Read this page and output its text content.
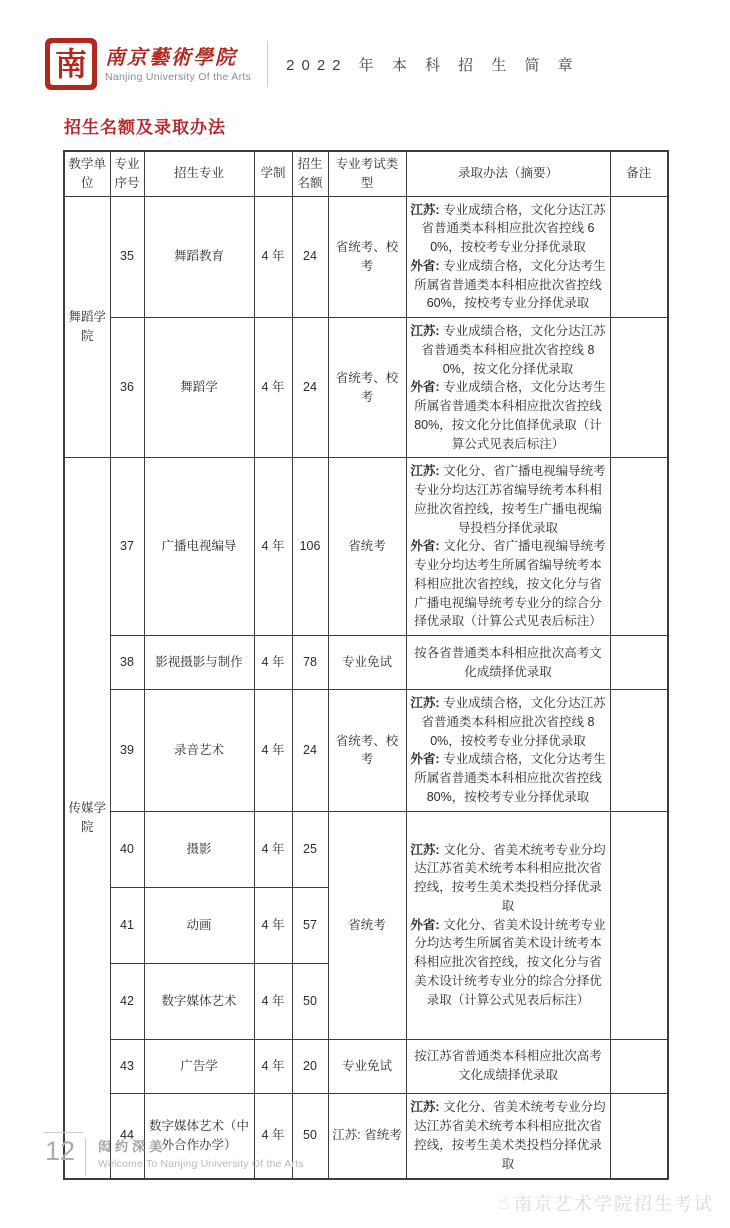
南 南京藝術學院
Nanjing University Of the Arts
2022 年 本 科 招 生 简 章
招生名额及录取办法
教学单位	专业序号	招生专业	学制	招生名额	专业考试类型	录取办法（摘要）	备注
舞蹈学院	35	舞蹈教育	4 年	24	省统考、校考	江苏: 专业成绩合格，文化分达江苏省普通类本科相应批次省控线 60%，按校考专业分择优录取
外省: 专业成绩合格，文化分达考生所属省普通类本科相应批次省控线 60%，按校考专业分择优录取	

	36	舞蹈学	4 年	24	省统考、校考	江苏: 专业成绩合格，文化分达江苏省普通类本科相应批次省控线 80%，按文化分择优录取
外省: 专业成绩合格，文化分达考生所属省普通类本科相应批次省控线 80%，按文化分比值择优录取（计算公式见表后标注）	

传媒学院	37	广播电视编导	4 年	106	省统考	江苏: 文化分、省广播电视编导统考专业分均达江苏省编导统考本科相应批次省控线，按考生广播电视编导投档分择优录取
外省: 文化分、省广播电视编导统考专业分均达考生所属省编导统考本科相应批次省控线，按文化分与省广播电视编导统考专业分的综合分择优录取（计算公式见表后标注）	

	38	影视摄影与制作	4 年	78	专业免试	按各省普通类本科相应批次高考文化成绩择优录取	

	39	录音艺术	4 年	24	省统考、校考	江苏: 专业成绩合格，文化分达江苏省普通类本科相应批次省控线 80%，按校考专业分择优录取
外省: 专业成绩合格，文化分达考生所属省普通类本科相应批次省控线 80%，按校考专业分择优录取	

	40	摄影	4 年	25	省统考	江苏: 文化分、省美术统考专业分均达江苏省美术统考本科相应批次省控线，按考生美术类投档分择优录取
外省: 文化分、省美术设计统考专业分均达考生所属省美术设计统考本科相应批次省控线，按文化分与省美术设计统考专业分的综合分择优录取（计算公式见表后标注）	

	41	动画	4 年	57			
	42	数字媒体艺术	4 年	50			
	43	广告学	4 年	20	专业免试	按江苏省普通类本科相应批次高考文化成绩择优录取	

	44	数字媒体艺术（中外合作办学）	4 年	50	江苏: 省统考	江苏: 文化分、省美术统考专业分均达江苏省美术统考本科相应批次省控线，按考生美术类投档分择优录取	

12	闳约深美
Welcome To Nanjing University Of the Arts
☝ 南京艺术学院招生考试
